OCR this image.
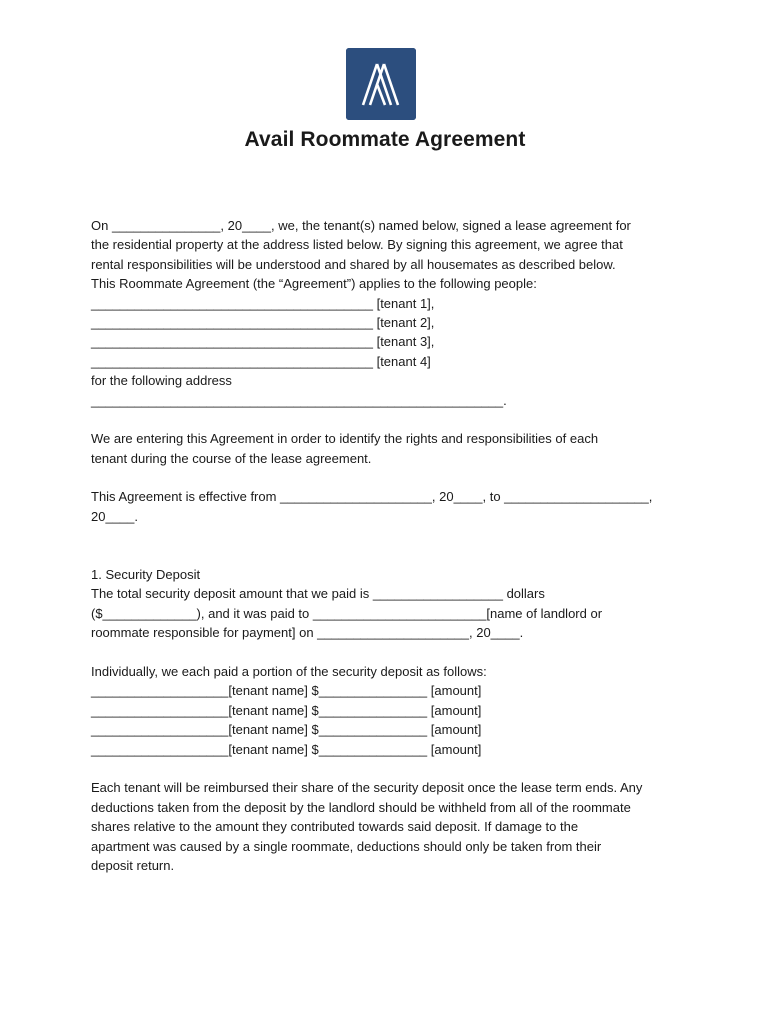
Avail Roommate Agreement

On _______________, 20____, we, the tenant(s) named below, signed a lease agreement for

the residential property at the address listed below. By signing this agreement, we agree that

rental responsibilities will be understood and shared by all housemates as described below.

This Roommate Agreement (the “Agreement”) applies to the following people:

_______________________________________ [tenant 1],

_______________________________________ [tenant 2],

_______________________________________ [tenant 3],

_______________________________________ [tenant 4]

for the following address

_________________________________________________________.

We are entering this Agreement in order to identify the rights and responsibilities of each

tenant during the course of the lease agreement.

This Agreement is effective from _____________________, 20____, to ____________________,

20____.

1. Security Deposit

The total security deposit amount that we paid is __________________ dollars

($_____________), and it was paid to ________________________[name of landlord or

roommate responsible for payment] on _____________________, 20____.

Individually, we each paid a portion of the security deposit as follows:

___________________[tenant name] $_______________ [amount]

___________________[tenant name] $_______________ [amount]

___________________[tenant name] $_______________ [amount]

___________________[tenant name] $_______________ [amount]

Each tenant will be reimbursed their share of the security deposit once the lease term ends. Any

deductions taken from the deposit by the landlord should be withheld from all of the roommate

shares relative to the amount they contributed towards said deposit. If damage to the

apartment was caused by a single roommate, deductions should only be taken from their

deposit return.
